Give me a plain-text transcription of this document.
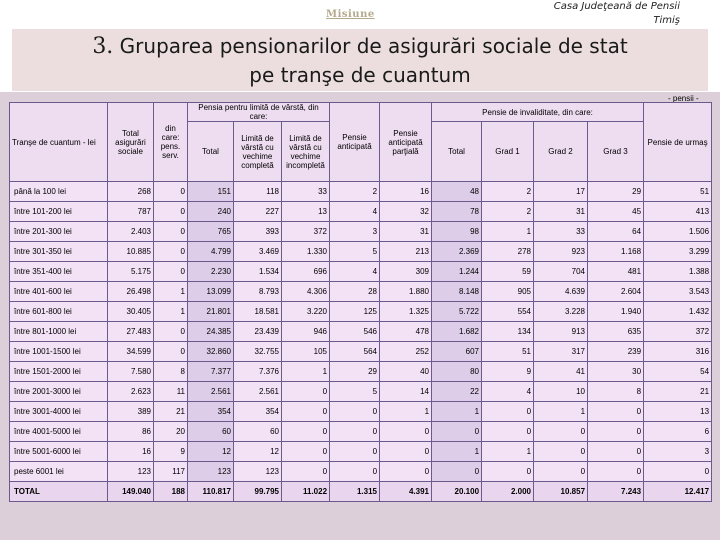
Misiune
Casa Judeţeană de Pensii
Timiş
3. Gruparea pensionarilor de asigurări sociale de stat
pe tranşe de cuantum
- pensii -
Tranşe de cuantum - lei	Total asigurări sociale	din care: pens. serv.	Pensia pentru limită de vârstă, din care:			Pensie anticipată	Pensie anticipată parţială	Pensie de invaliditate, din care:				Pensie de urmaş
			Total	Limită de vârstă cu vechime completă	Limită de vârstă cu vechime incompletă			Total	Grad 1	Grad 2	Grad 3	

până la 100 lei	268	0	151	118	33	2	16	48	2	17	29	51
între 101-200 lei	787	0	240	227	13	4	32	78	2	31	45	413
între 201-300 lei	2.403	0	765	393	372	3	31	98	1	33	64	1.506
între 301-350 lei	10.885	0	4.799	3.469	1.330	5	213	2.369	278	923	1.168	3.299
între 351-400 lei	5.175	0	2.230	1.534	696	4	309	1.244	59	704	481	1.388
între 401-600 lei	26.498	1	13.099	8.793	4.306	28	1.880	8.148	905	4.639	2.604	3.543
între 601-800 lei	30.405	1	21.801	18.581	3.220	125	1.325	5.722	554	3.228	1.940	1.432
între 801-1000 lei	27.483	0	24.385	23.439	946	546	478	1.682	134	913	635	372
între 1001-1500 lei	34.599	0	32.860	32.755	105	564	252	607	51	317	239	316
între 1501-2000 lei	7.580	8	7.377	7.376	1	29	40	80	9	41	30	54
între 2001-3000 lei	2.623	11	2.561	2.561	0	5	14	22	4	10	8	21
între 3001-4000 lei	389	21	354	354	0	0	1	1	0	1	0	13
între 4001-5000 lei	86	20	60	60	0	0	0	0	0	0	0	6
între 5001-6000 lei	16	9	12	12	0	0	0	1	1	0	0	3
peste 6001 lei	123	117	123	123	0	0	0	0	0	0	0	0
TOTAL	149.040	188	110.817	99.795	11.022	1.315	4.391	20.100	2.000	10.857	7.243	12.417
